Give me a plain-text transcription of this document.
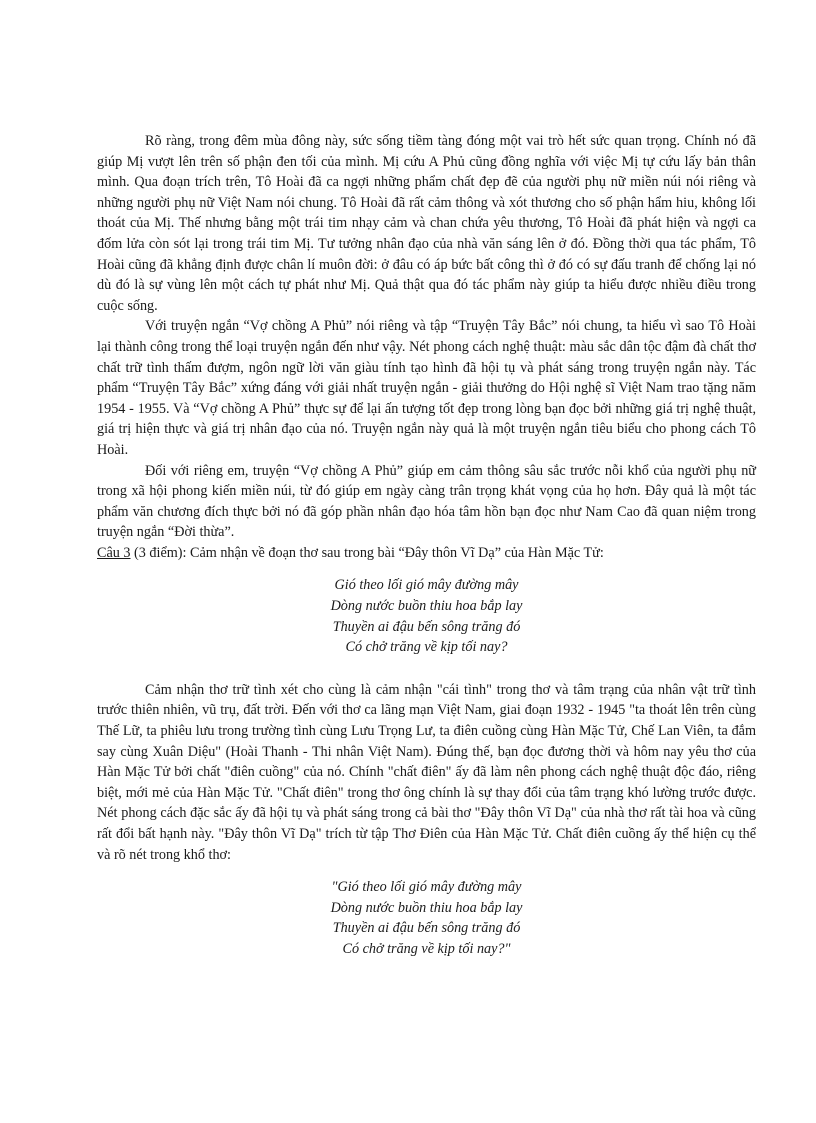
Rõ ràng, trong đêm mùa đông này, sức sống tiềm tàng đóng một vai trò hết sức quan trọng. Chính nó đã giúp Mị vượt lên trên số phận đen tối của mình. Mị cứu A Phủ cũng đồng nghĩa với việc Mị tự cứu lấy bản thân mình. Qua đoạn trích trên, Tô Hoài đã ca ngợi những phẩm chất đẹp đẽ của người phụ nữ miền núi nói riêng và những người phụ nữ Việt Nam nói chung. Tô Hoài đã rất cảm thông và xót thương cho số phận hẩm hiu, không lối thoát của Mị. Thế nhưng bằng một trái tim nhạy cảm và chan chứa yêu thương, Tô Hoài đã phát hiện và ngợi ca đốm lửa còn sót lại trong trái tim Mị. Tư tưởng nhân đạo của nhà văn sáng lên ở đó. Đồng thời qua tác phẩm, Tô Hoài cũng đã khẳng định được chân lí muôn đời: ở đâu có áp bức bất công thì ở đó có sự đấu tranh để chống lại nó dù đó là sự vùng lên một cách tự phát như Mị. Quả thật qua đó tác phẩm này giúp ta hiểu được nhiều điều trong cuộc sống.

Với truyện ngắn “Vợ chồng A Phủ” nói riêng và tập “Truyện Tây Bắc” nói chung, ta hiểu vì sao Tô Hoài lại thành công trong thể loại truyện ngắn đến như vậy. Nét phong cách nghệ thuật: màu sắc dân tộc đậm đà chất thơ chất trữ tình thấm đượm, ngôn ngữ lời văn giàu tính tạo hình đã hội tụ và phát sáng trong truyện ngắn này. Tác phẩm “Truyện Tây Bắc” xứng đáng với giải nhất truyện ngắn - giải thưởng do Hội nghệ sĩ Việt Nam trao tặng năm 1954 - 1955. Và “Vợ chồng A Phủ” thực sự để lại ấn tượng tốt đẹp trong lòng bạn đọc bởi những giá trị nghệ thuật, giá trị hiện thực và giá trị nhân đạo của nó. Truyện ngắn này quả là một truyện ngắn tiêu biểu cho phong cách Tô Hoài.

Đối với riêng em, truyện “Vợ chồng A Phủ” giúp em cảm thông sâu sắc trước nỗi khổ của người phụ nữ trong xã hội phong kiến miền núi, từ đó giúp em ngày càng trân trọng khát vọng của họ hơn. Đây quả là một tác phẩm văn chương đích thực bởi nó đã góp phần nhân đạo hóa tâm hồn bạn đọc như Nam Cao đã quan niệm trong truyện ngắn “Đời thừa”.

Câu 3 (3 điểm): Cảm nhận về đoạn thơ sau trong bài “Đây thôn Vĩ Dạ” của Hàn Mặc Tử:

Gió theo lối gió mây đường mây
Dòng nước buồn thiu hoa bắp lay
Thuyền ai đậu bến sông trăng đó
Có chở trăng về kịp tối nay?

Cảm nhận thơ trữ tình xét cho cùng là cảm nhận "cái tình" trong thơ và tâm trạng của nhân vật trữ tình trước thiên nhiên, vũ trụ, đất trời. Đến với thơ ca lãng mạn Việt Nam, giai đoạn 1932 - 1945 "ta thoát lên trên cùng Thế Lữ, ta phiêu lưu trong trường tình cùng Lưu Trọng Lư, ta điên cuồng cùng Hàn Mặc Tử, Chế Lan Viên, ta đắm say cùng Xuân Diệu" (Hoài Thanh - Thi nhân Việt Nam). Đúng thế, bạn đọc đương thời và hôm nay yêu thơ của Hàn Mặc Tử bởi chất "điên cuồng" của nó. Chính "chất điên" ấy đã làm nên phong cách nghệ thuật độc đáo, riêng biệt, mới mẻ của Hàn Mặc Tử. "Chất điên" trong thơ ông chính là sự thay đổi của tâm trạng khó lường trước được. Nét phong cách đặc sắc ấy đã hội tụ và phát sáng trong cả bài thơ "Đây thôn Vĩ Dạ" của nhà thơ rất tài hoa và cũng rất đổi bất hạnh này. "Đây thôn Vĩ Dạ" trích từ tập Thơ Điên của Hàn Mặc Tử. Chất điên cuồng ấy thể hiện cụ thể và rõ nét trong khổ thơ:

"Gió theo lối gió mây đường mây
Dòng nước buồn thiu hoa bắp lay
Thuyền ai đậu bến sông trăng đó
Có chở trăng về kịp tối nay?"
